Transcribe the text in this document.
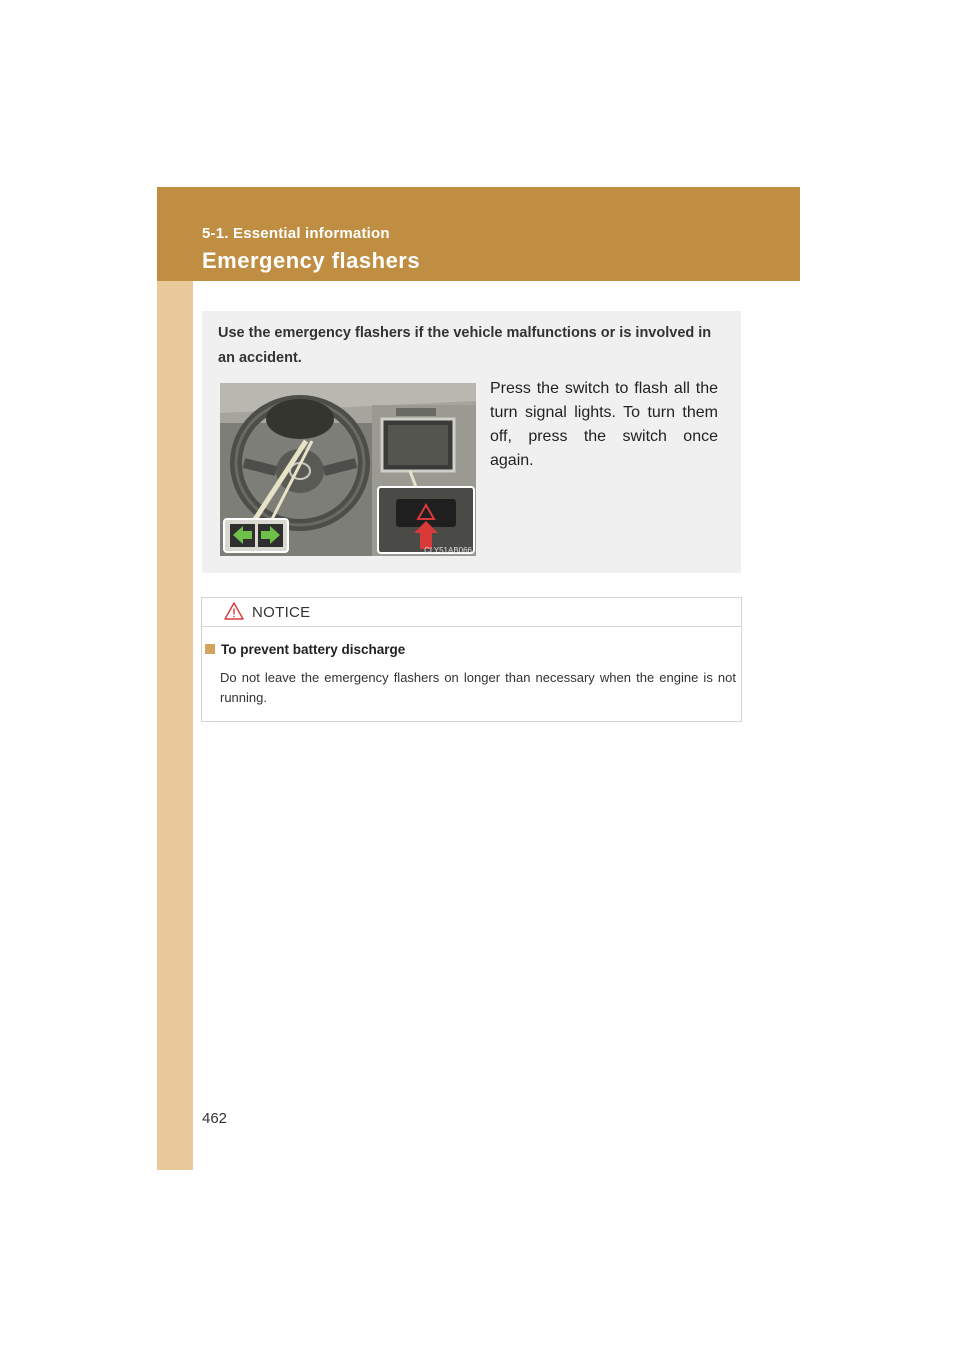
5-1. Essential information
Emergency flashers
Use the emergency flashers if the vehicle malfunctions or is involved in an accident.
CLY51AB066
Press the switch to flash all the turn signal lights. To turn them off, press the switch once again.
NOTICE
To prevent battery discharge
Do not leave the emergency flashers on longer than necessary when the engine is not running.
462
